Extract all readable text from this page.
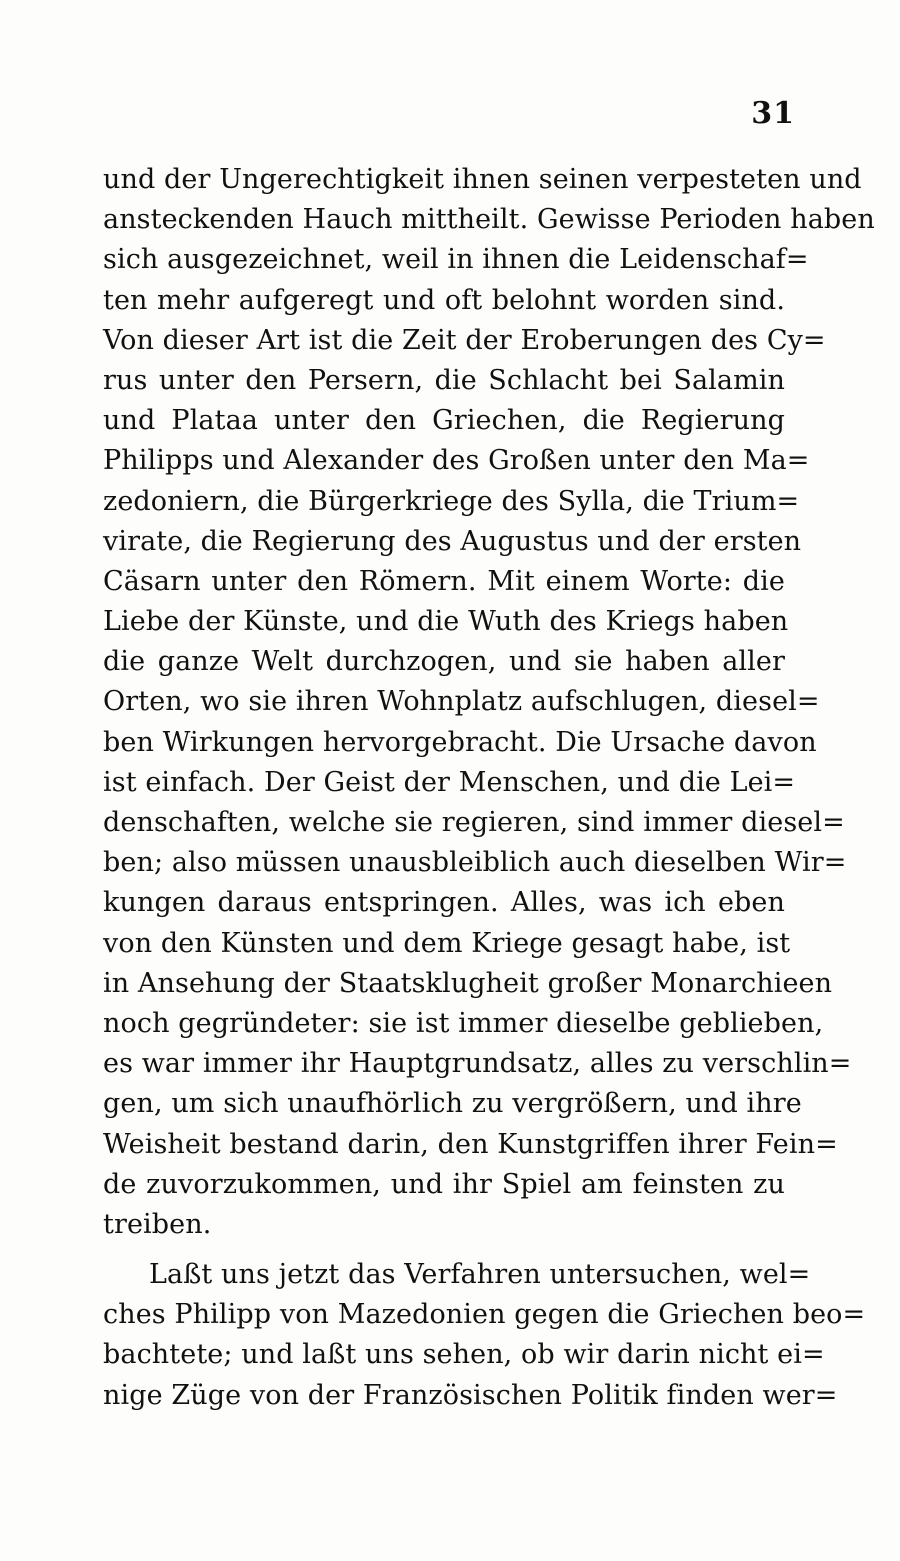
31
und der Ungerechtigkeit ihnen seinen verpesteten und
ansteckenden Hauch mittheilt. Gewisse Perioden haben
sich ausgezeichnet, weil in ihnen die Leidenschaf=
ten mehr aufgeregt und oft belohnt worden sind.
Von dieser Art ist die Zeit der Eroberungen des Cy=
rus unter den Persern, die Schlacht bei Salamin
und Plataa unter den Griechen, die Regierung
Philipps und Alexander des Großen unter den Ma=
zedoniern, die Bürgerkriege des Sylla, die Trium=
virate, die Regierung des Augustus und der ersten
Cäsarn unter den Römern. Mit einem Worte: die
Liebe der Künste, und die Wuth des Kriegs haben
die ganze Welt durchzogen, und sie haben aller
Orten, wo sie ihren Wohnplatz aufschlugen, diesel=
ben Wirkungen hervorgebracht. Die Ursache davon
ist einfach. Der Geist der Menschen, und die Lei=
denschaften, welche sie regieren, sind immer diesel=
ben; also müssen unausbleiblich auch dieselben Wir=
kungen daraus entspringen. Alles, was ich eben
von den Künsten und dem Kriege gesagt habe, ist
in Ansehung der Staatsklugheit großer Monarchieen
noch gegründeter: sie ist immer dieselbe geblieben,
es war immer ihr Hauptgrundsatz, alles zu verschlin=
gen, um sich unaufhörlich zu vergrößern, und ihre
Weisheit bestand darin, den Kunstgriffen ihrer Fein=
de zuvorzukommen, und ihr Spiel am feinsten zu
treiben.
Laßt uns jetzt das Verfahren untersuchen, wel=
ches Philipp von Mazedonien gegen die Griechen beo=
bachtete; und laßt uns sehen, ob wir darin nicht ei=
nige Züge von der Französischen Politik finden wer=
